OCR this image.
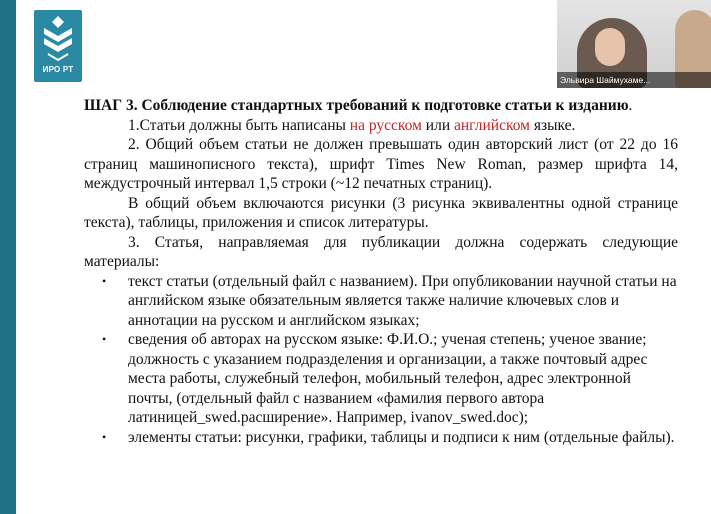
ИРО РТ
Эльвира Шаймухаме...
ШАГ 3. Соблюдение стандартных требований к подготовке статьи к изданию.
1.Статьи должны быть написаны на русском или английском языке.
2. Общий объем статьи не должен превышать один авторский лист (от 22 до 16 страниц машинописного текста), шрифт Times New Roman, размер шрифта 14, междустрочный интервал 1,5 строки (~12 печатных страниц).
В общий объем включаются рисунки (3 рисунка эквивалентны одной странице текста), таблицы, приложения и список литературы.
3. Статья, направляемая для публикации должна содержать следующие материалы:
• текст статьи (отдельный файл с названием). При опубликовании научной статьи на английском языке обязательным является также наличие ключевых слов и аннотации на русском и английском языках;
• сведения об авторах на русском языке: Ф.И.О.; ученая степень; ученое звание; должность с указанием подразделения и организации, а также почтовый адрес места работы, служебный телефон, мобильный телефон, адрес электронной почты, (отдельный файл с названием «фамилия первого автора латиницей_swed.расширение». Например, ivanov_swed.doc);
• элементы статьи: рисунки, графики, таблицы и подписи к ним (отдельные файлы).
